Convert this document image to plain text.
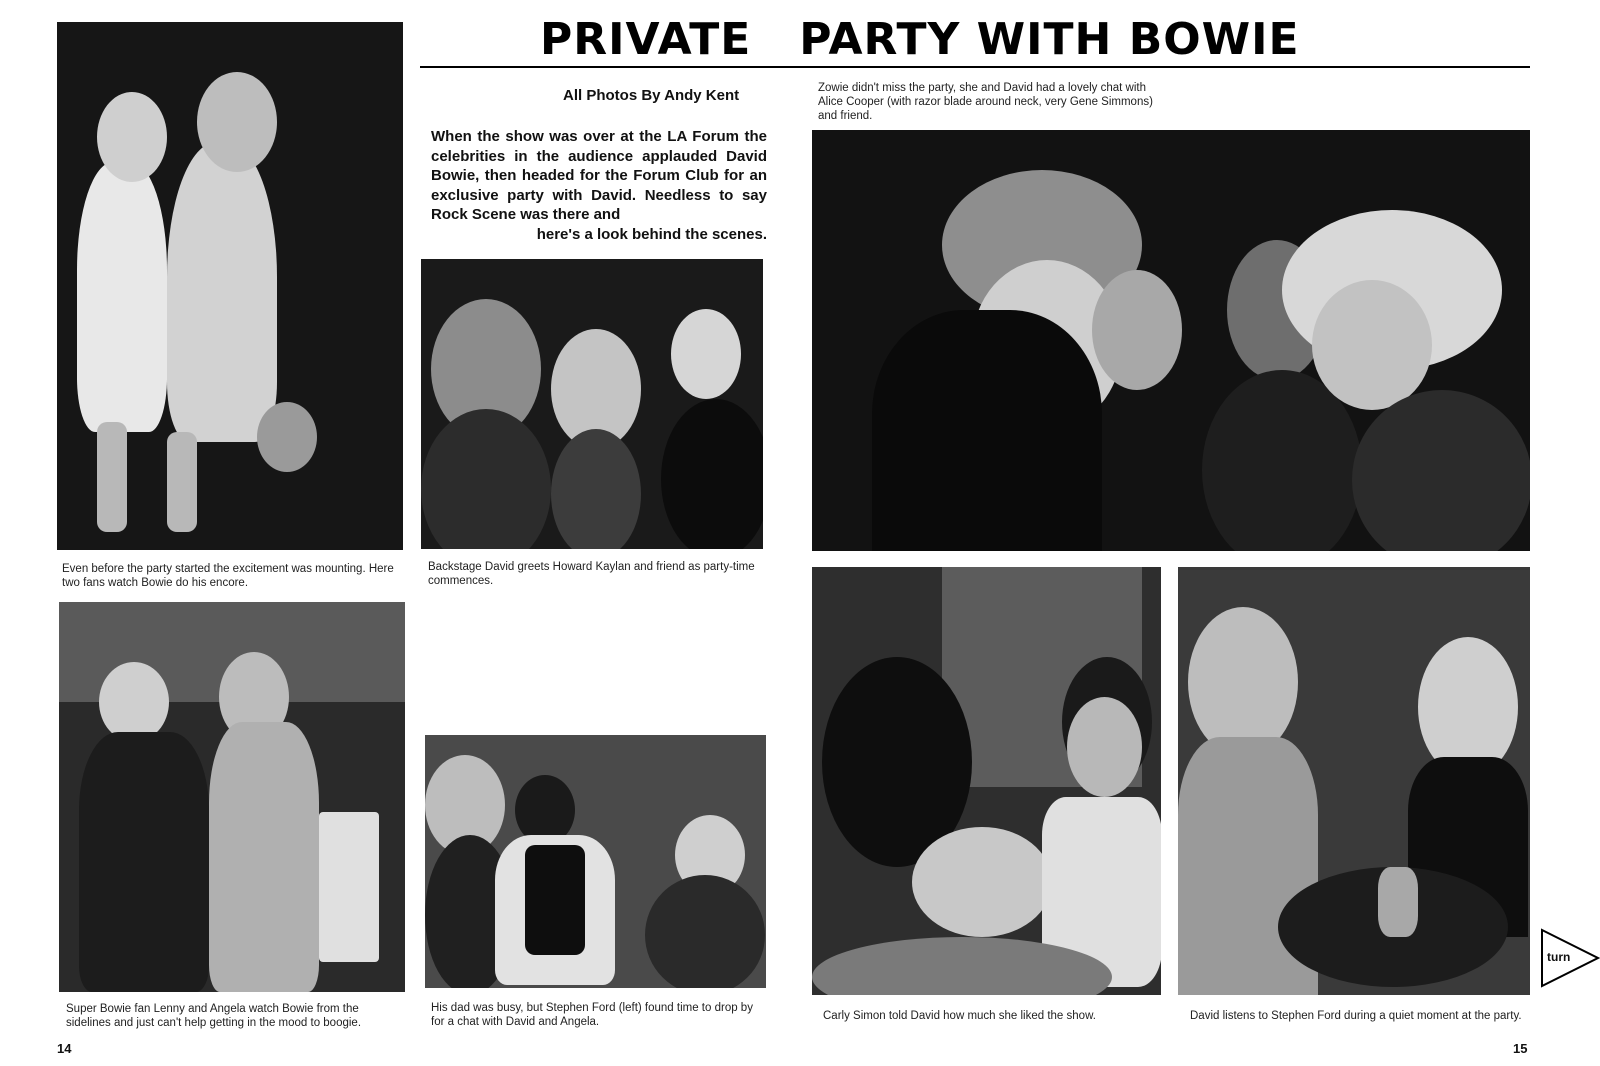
PRIVATE PARTY WITH BOWIE
All Photos By Andy Kent
When the show was over at the LA Forum the celebrities in the audience applauded David Bowie, then headed for the Forum Club for an exclusive party with David. Needless to say Rock Scene was there and
here's a look behind the scenes.
Even before the party started the excitement was mounting. Here two fans watch Bowie do his encore.
Backstage David greets Howard Kaylan and friend as party-time commences.
Super Bowie fan Lenny and Angela watch Bowie from the sidelines and just can't help getting in the mood to boogie.
His dad was busy, but Stephen Ford (left) found time to drop by for a chat with David and Angela.
Zowie didn't miss the party, she and David had a lovely chat with Alice Cooper (with razor blade around neck, very Gene Simmons) and friend.
Carly Simon told David how much she liked the show.	David listens to Stephen Ford during a quiet moment at the party.
14	15
turn
